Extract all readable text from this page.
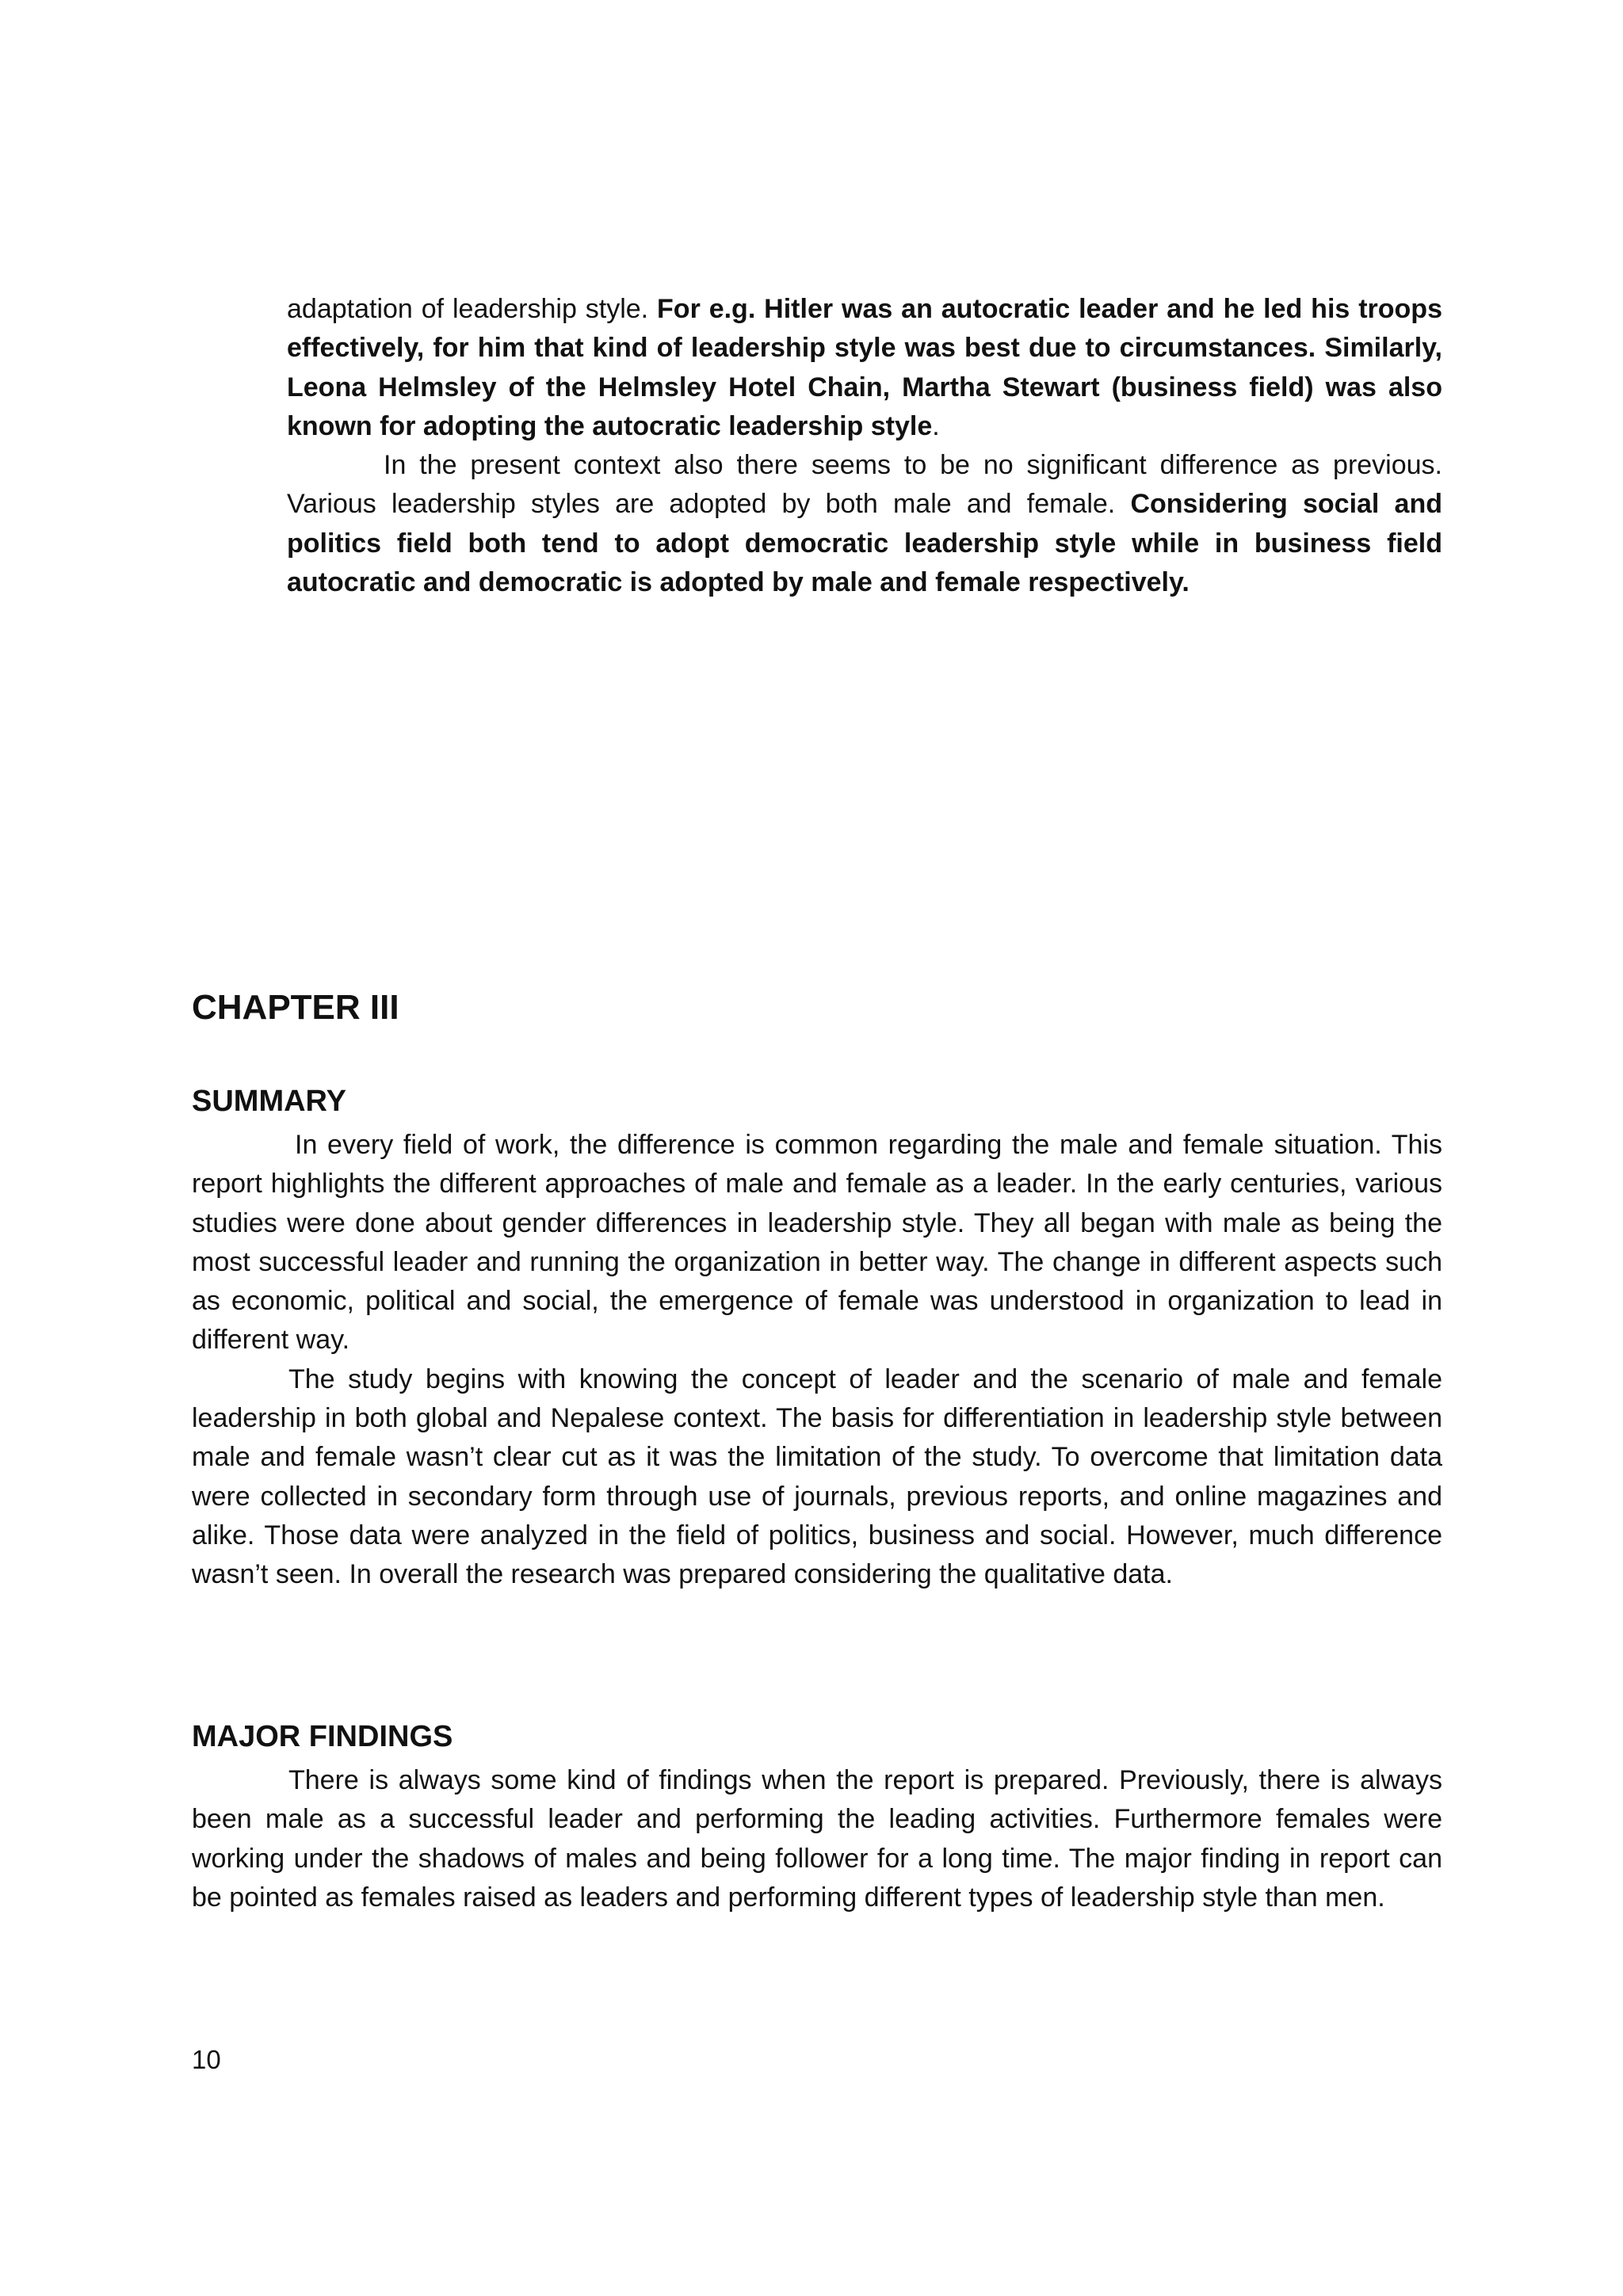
adaptation of leadership style. For e.g. Hitler was an autocratic leader and he led his troops effectively, for him that kind of leadership style was best due to circumstances. Similarly, Leona Helmsley of the Helmsley Hotel Chain, Martha Stewart (business field) was also known for adopting the autocratic leadership style.

In the present context also there seems to be no significant difference as previous. Various leadership styles are adopted by both male and female. Considering social and politics field both tend to adopt democratic leadership style while in business field autocratic and democratic is adopted by male and female respectively.

CHAPTER III
SUMMARY

In every field of work, the difference is common regarding the male and female situation. This report highlights the different approaches of male and female as a leader. In the early centuries, various studies were done about gender differences in leadership style. They all began with male as being the most successful leader and running the organization in better way. The change in different aspects such as economic, political and social, the emergence of female was understood in organization to lead in different way.

The study begins with knowing the concept of leader and the scenario of male and female leadership in both global and Nepalese context. The basis for differentiation in leadership style between male and female wasn’t clear cut as it was the limitation of the study. To overcome that limitation data were collected in secondary form through use of journals, previous reports, and online magazines and alike. Those data were analyzed in the field of politics, business and social. However, much difference wasn’t seen. In overall the research was prepared considering the qualitative data.

MAJOR FINDINGS

There is always some kind of findings when the report is prepared. Previously, there is always been male as a successful leader and performing the leading activities. Furthermore females were working under the shadows of males and being follower for a long time. The major finding in report can be pointed as females raised as leaders and performing different types of leadership style than men.

10
